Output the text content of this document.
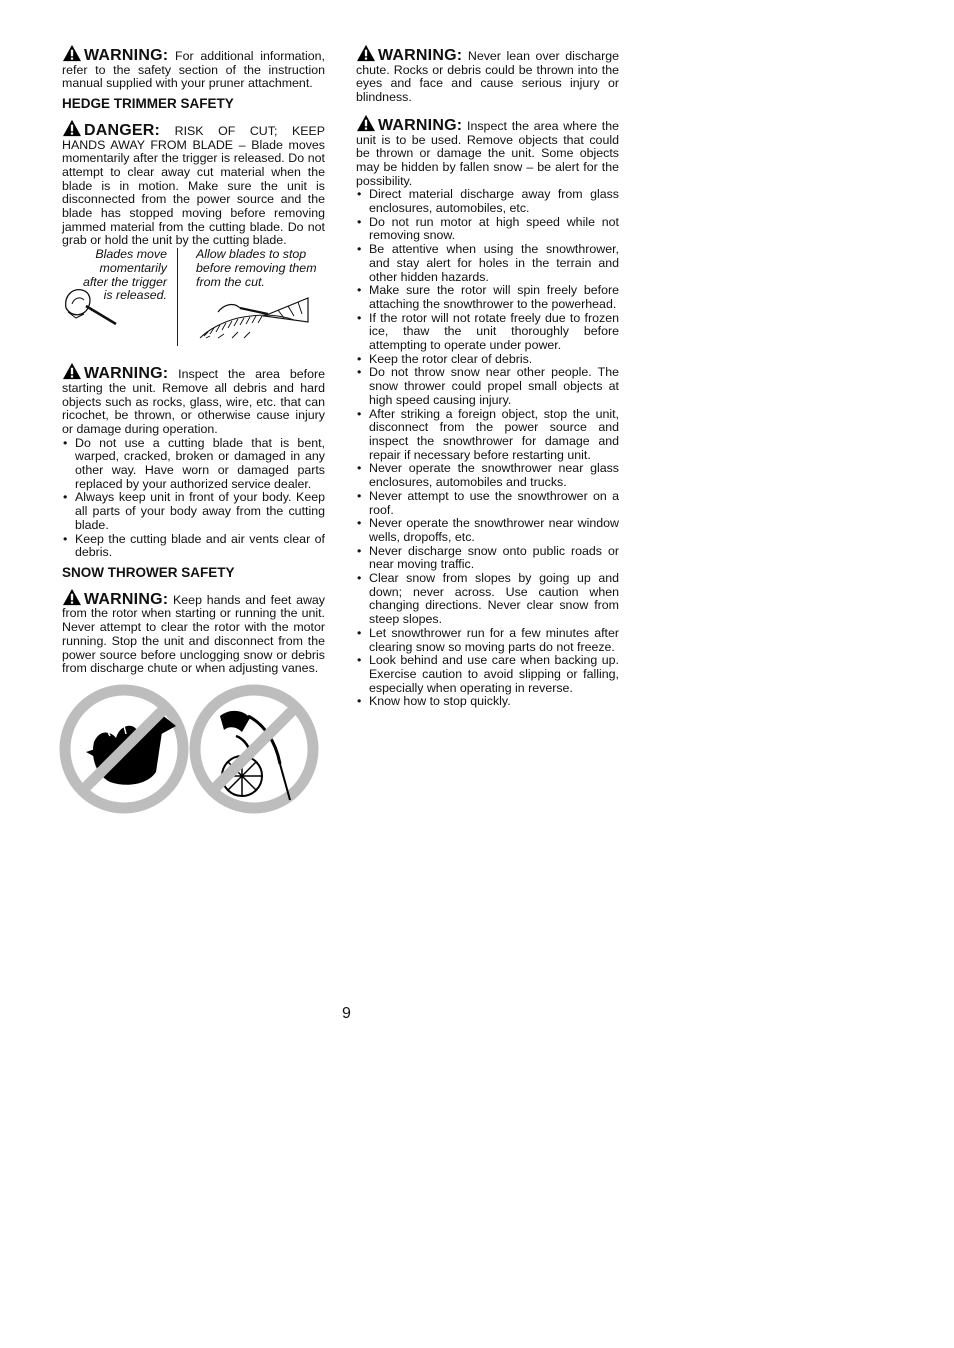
WARNING: For additional information, refer to the safety section of the instruction manual supplied with your pruner attachment.

HEDGE TRIMMER SAFETY

DANGER: RISK OF CUT; KEEP HANDS AWAY FROM BLADE – Blade moves momentarily after the trigger is released. Do not attempt to clear away cut material when the blade is in motion. Make sure the unit is disconnected from the power source and the blade has stopped moving before removing jammed material from the cutting blade. Do not grab or hold the unit by the cutting blade.

Blades move momentarily after the trigger is released.
Allow blades to stop before removing them from the cut.

WARNING: Inspect the area before starting the unit. Remove all debris and hard objects such as rocks, glass, wire, etc. that can ricochet, be thrown, or otherwise cause injury or damage during operation.

• Do not use a cutting blade that is bent, warped, cracked, broken or damaged in any other way. Have worn or damaged parts replaced by your authorized service dealer.
• Always keep unit in front of your body. Keep all parts of your body away from the cutting blade.
• Keep the cutting blade and air vents clear of debris.
SNOW THROWER SAFETY

WARNING: Keep hands and feet away from the rotor when starting or running the unit. Never attempt to clear the rotor with the motor running. Stop the unit and disconnect from the power source before unclogging snow or debris from discharge chute or when adjusting vanes.

WARNING: Never lean over discharge chute. Rocks or debris could be thrown into the eyes and face and cause serious injury or blindness.

WARNING: Inspect the area where the unit is to be used. Remove objects that could be thrown or damage the unit. Some objects may be hidden by fallen snow – be alert for the possibility.

• Direct material discharge away from glass enclosures, automobiles, etc.
• Do not run motor at high speed while not removing snow.
• Be attentive when using the snowthrower, and stay alert for holes in the terrain and other hidden hazards.
• Make sure the rotor will spin freely before attaching the snowthrower to the powerhead.
• If the rotor will not rotate freely due to frozen ice, thaw the unit thoroughly before attempting to operate under power.
• Keep the rotor clear of debris.
• Do not throw snow near other people. The snow thrower could propel small objects at high speed causing injury.
• After striking a foreign object, stop the unit, disconnect from the power source and inspect the snowthrower for damage and repair if necessary before restarting unit.
• Never operate the snowthrower near glass enclosures, automobiles and trucks.
• Never attempt to use the snowthrower on a roof.
• Never operate the snowthrower near window wells, dropoffs, etc.
• Never discharge snow onto public roads or near moving traffic.
• Clear snow from slopes by going up and down; never across. Use caution when changing directions. Never clear snow from steep slopes.
• Let snowthrower run for a few minutes after clearing snow so moving parts do not freeze.
• Look behind and use care when backing up. Exercise caution to avoid slipping or falling, especially when operating in reverse.
• Know how to stop quickly.
9
